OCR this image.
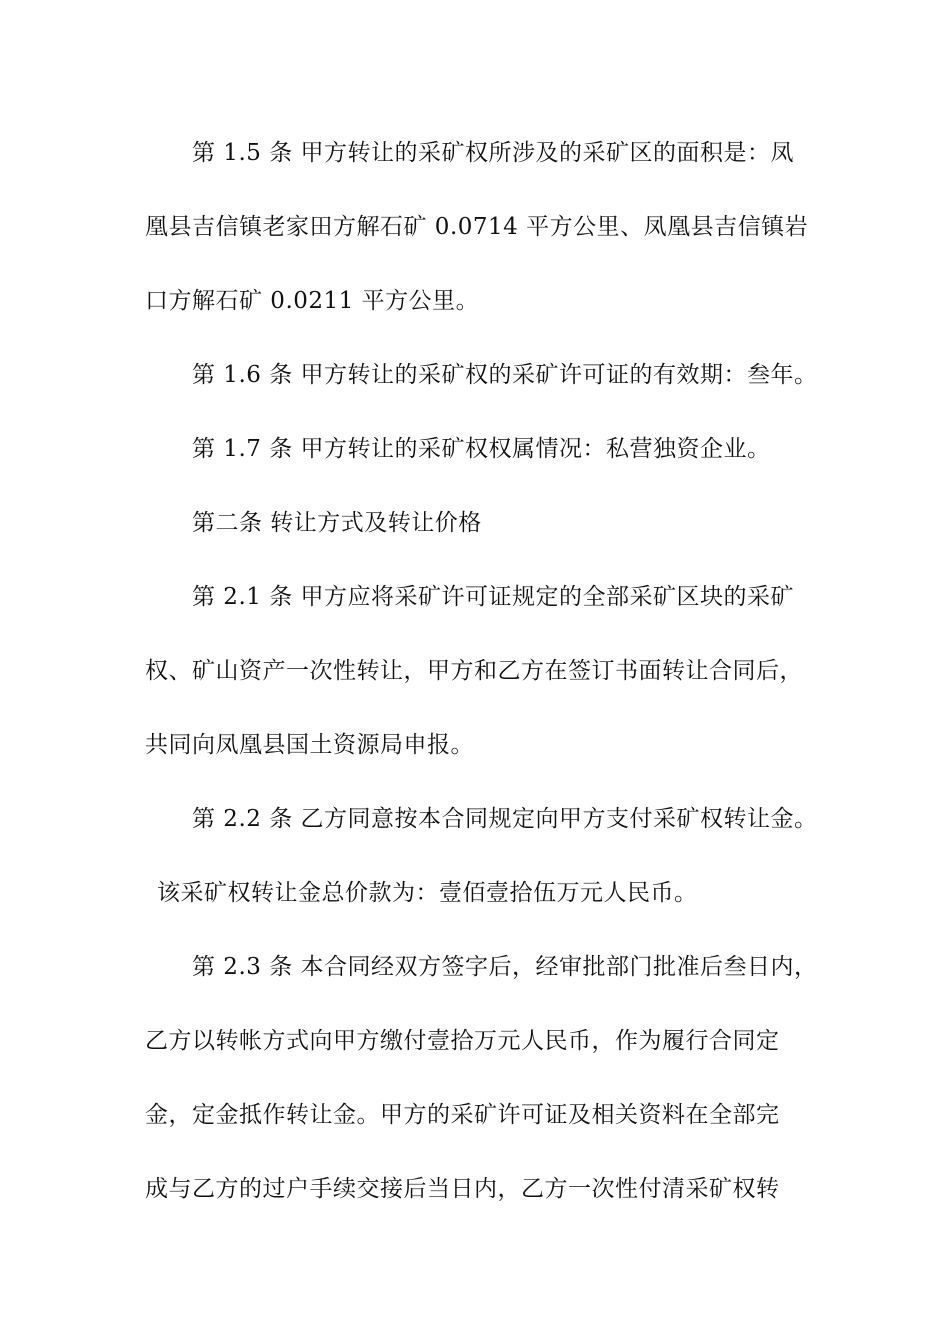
第 1.5 条 甲方转让的采矿权所涉及的采矿区的面积是：凤
凰县吉信镇老家田方解石矿 0.0714 平方公里、凤凰县吉信镇岩
口方解石矿 0.0211 平方公里。
第 1.6 条 甲方转让的采矿权的采矿许可证的有效期：叁年。
第 1.7 条 甲方转让的采矿权权属情况：私营独资企业。
第二条 转让方式及转让价格
第 2.1 条 甲方应将采矿许可证规定的全部采矿区块的采矿
权、矿山资产一次性转让，甲方和乙方在签订书面转让合同后，
共同向凤凰县国土资源局申报。
第 2.2 条 乙方同意按本合同规定向甲方支付采矿权转让金。
该采矿权转让金总价款为：壹佰壹拾伍万元人民币。
第 2.3 条 本合同经双方签字后，经审批部门批准后叁日内，
乙方以转帐方式向甲方缴付壹拾万元人民币，作为履行合同定
金，定金抵作转让金。甲方的采矿许可证及相关资料在全部完
成与乙方的过户手续交接后当日内，乙方一次性付清采矿权转
